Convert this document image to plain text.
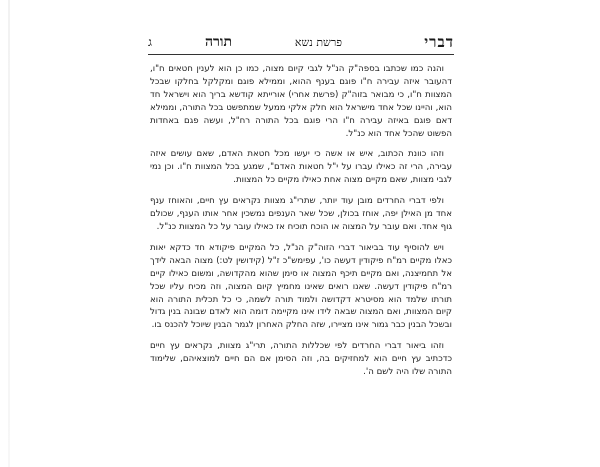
דברי
פרשת נשא
תורה
ג

והנה כמו שכתבו בספה"ק הנ"ל לגבי קיום מצוה, כמו כן הוא לענין חטאים ח"ו, דהעובר איזה עבירה ח"ו פוגם בענף ההוא, וממילא פוגם ומקלקל בחלקו שבכל המצוות ח"ו, כי מבואר בזוה"ק (פרשת אחרי) אורייתא קודשא בריך הוא וישראל חד הוא, והיינו שכל אחד מישראל הוא חלק אלקי ממעל שמתפשט בכל התורה, וממילא דאם פוגם באיזה עבירה ח"ו הרי פוגם בכל התורה רח"ל, ועשה פגם באחדות הפשוט שהכל אחד הוא כנ"ל.

וזהו כוונת הכתוב, איש או אשה כי יעשו מכל חטאת האדם, שאם עושים איזה עבירה, הרי זה כאילו עברו על י"ל חטאות האדם", שמגע בכל המצוות ח"ו. וכן נמי לגבי מצוות, שאם מקיים מצוה אחת כאילו מקיים כל המצוות.

ולפי דברי החרדים מובן עוד יותר, שתרי"ג מצוות נקראים עץ חיים, והאוחז ענף אחד מן האילן יפה, אוחז בכולן, שכל שאר הענפים נמשכין אחר אותו הענף, שכולם גוף אחד. ואם עובר על המצוה או הוכח תוכיח אז כאילו עובר על כל המצוות כנ"ל.

ויש להוסיף עוד בביאור דברי הזוה"ק הנ"ל, כל המקיים פיקודא חד כדקא יאות כאלו מקיים רמ"ח פיקודין דעשה כו', עפימש"כ ז"ל (קידושין לט:) מצוה הבאה לידך אל תחמיצנה, ואם מקיים תיכף המצוה או סימן שהוא מהקדושה, ומשום כאילו קיים רמ"ח פיקודין דעשה. שאנו רואים שאינו מחמיץ קיום המצוה, וזה מכיח עליו שכל תורתו שלמד הוא מסיטרא דקדושה ולמוד תורה לשמה, כי כל תכלית התורה הוא קיום המצוות, ואם המצוה שבאה לידו אינו מקיימה דומה הוא לאדם שבונה בנין גדול ובשכל הבנין כבר גמור אינו מציירו, שזה החלק האחרון לגמר הבנין שיוכל להכנס בו.

וזהו ביאור דברי החרדים לפי שכללות התורה, תרי"ג מצוות, נקראים עץ חיים כדכתיב עץ חיים הוא למחזיקים בה, וזה הסימן אם הם חיים למוצאיהם, שלימוד התורה שלו היה לשם ה'.
